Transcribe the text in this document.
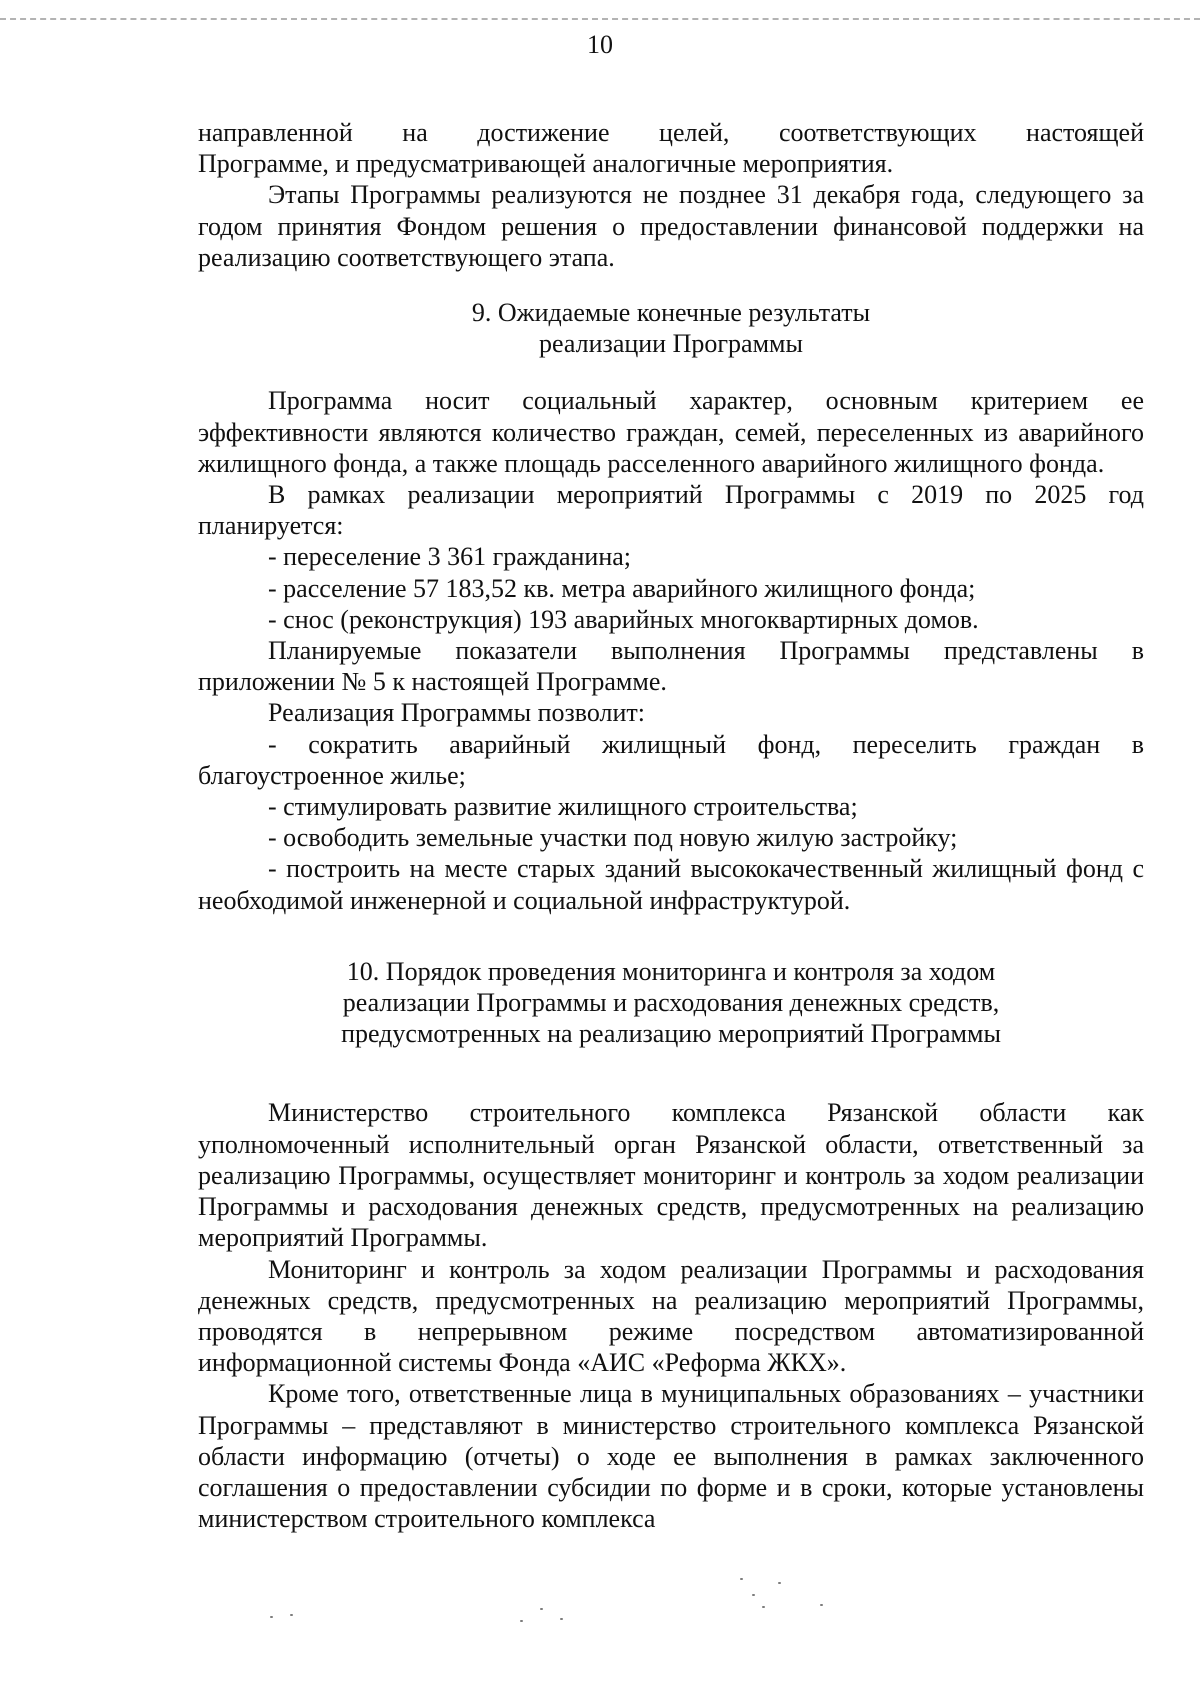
10

направленной на достижение целей, соответствующих настоящей

Программе, и предусматривающей аналогичные мероприятия.

Этапы Программы реализуются не позднее 31 декабря года, следующего за годом принятия Фондом решения о предоставлении финансовой поддержки на реализацию соответствующего этапа.

9. Ожидаемые конечные результаты

реализации Программы

Программа носит социальный характер, основным критерием ее эффективности являются количество граждан, семей, переселенных из аварийного жилищного фонда, а также площадь расселенного аварийного жилищного фонда.

В рамках реализации мероприятий Программы с 2019 по 2025 год планируется:

- переселение 3 361 гражданина;

- расселение 57 183,52 кв. метра аварийного жилищного фонда;

- снос (реконструкция) 193 аварийных многоквартирных домов.

Планируемые показатели выполнения Программы представлены в приложении № 5 к настоящей Программе.

Реализация Программы позволит:

- сократить аварийный жилищный фонд, переселить граждан в благоустроенное жилье;

- стимулировать развитие жилищного строительства;

- освободить земельные участки под новую жилую застройку;

- построить на месте старых зданий высококачественный жилищный фонд с необходимой инженерной и социальной инфраструктурой.

10. Порядок проведения мониторинга и контроля за ходом

реализации Программы и расходования денежных средств,

предусмотренных на реализацию мероприятий Программы

Министерство строительного комплекса Рязанской области как уполномоченный исполнительный орган Рязанской области, ответственный за реализацию Программы, осуществляет мониторинг и контроль за ходом реализации Программы и расходования денежных средств, предусмотренных на реализацию мероприятий Программы.

Мониторинг и контроль за ходом реализации Программы и расходования денежных средств, предусмотренных на реализацию мероприятий Программы, проводятся в непрерывном режиме посредством автоматизированной информационной системы Фонда «АИС «Реформа ЖКХ».

Кроме того, ответственные лица в муниципальных образованиях – участники Программы – представляют в министерство строительного комплекса Рязанской области информацию (отчеты) о ходе ее выполнения в рамках заключенного соглашения о предоставлении субсидии по форме и в сроки, которые установлены министерством строительного комплекса
